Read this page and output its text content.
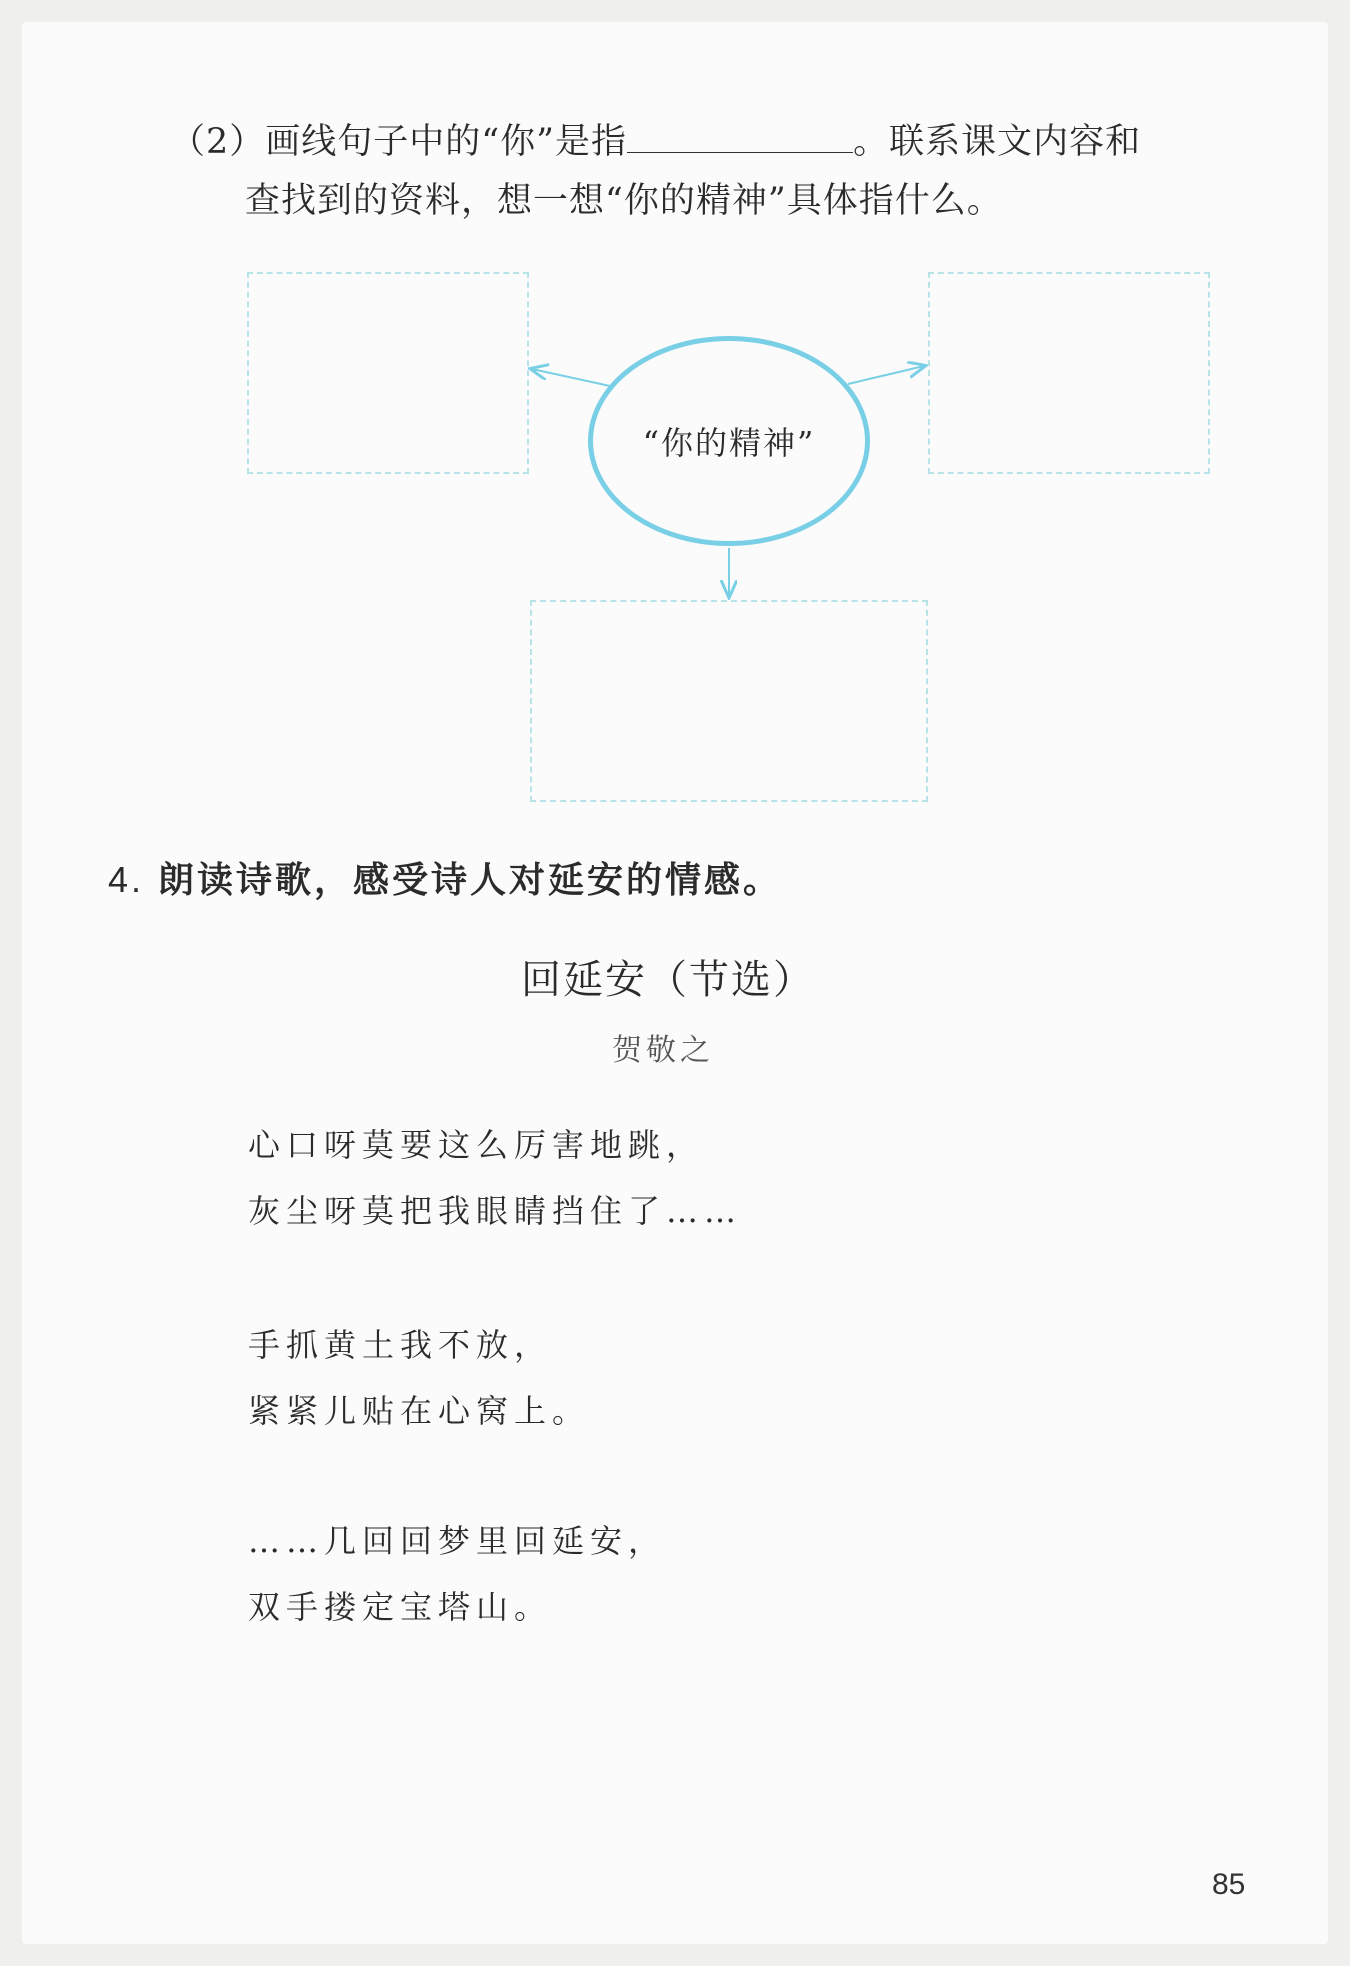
（2）画线句子中的“你”是指	。联系课文内容和
查找到的资料，想一想“你的精神”具体指什么。
“你的精神”
4. 朗读诗歌，感受诗人对延安的情感。
回延安（节选）
贺敬之
心口呀莫要这么厉害地跳，
灰尘呀莫把我眼睛挡住了……
手抓黄土我不放，
紧紧儿贴在心窝上。
……几回回梦里回延安，
双手搂定宝塔山。
85
